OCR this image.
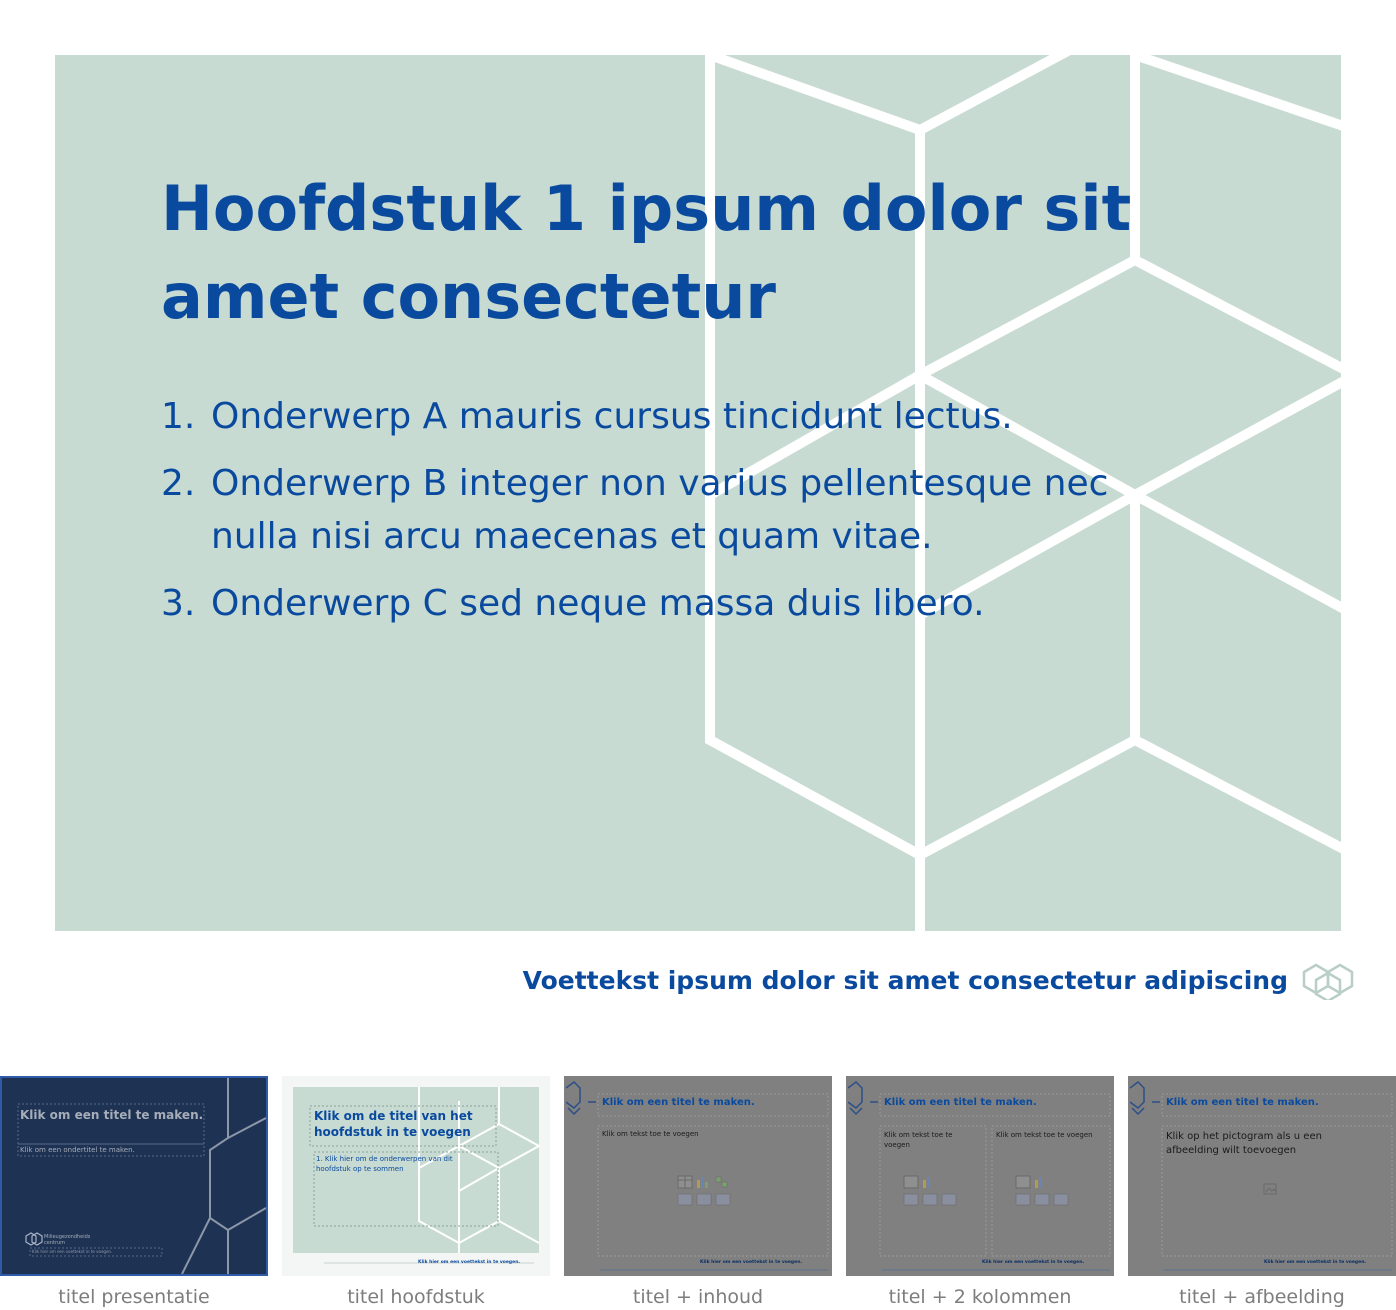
Hoofdstuk 1 ipsum dolor sit amet consectetur
1. Onderwerp A mauris cursus tincidunt lectus.
2. Onderwerp B integer non varius pellentesque nec nulla nisi arcu maecenas et quam vitae.
3. Onderwerp C sed neque massa duis libero.
Voettekst ipsum dolor sit amet consectetur adipiscing
Klik om een titel te maken.
Klik om een ondertitel te maken.
Milieugezondheids
centrum
Klik hier om een voettekst in te voegen.
titel presentatie
Klik om de titel van het hoofdstuk in te voegen
1. Klik hier om de onderwerpen van dit hoofdstuk op te sommen
Klik hier om een voettekst in te voegen.
titel hoofdstuk
Klik om een titel te maken.
Klik om tekst toe te voegen
Klik hier om een voettekst in te voegen.
titel + inhoud
Klik om een titel te maken.
Klik om tekst toe te voegen
Klik om tekst toe te voegen
Klik hier om een voettekst in te voegen.
titel + 2 kolommen
Klik om een titel te maken.
Klik op het pictogram als u een afbeelding wilt toevoegen
Klik hier om een voettekst in te voegen.
titel + afbeelding
